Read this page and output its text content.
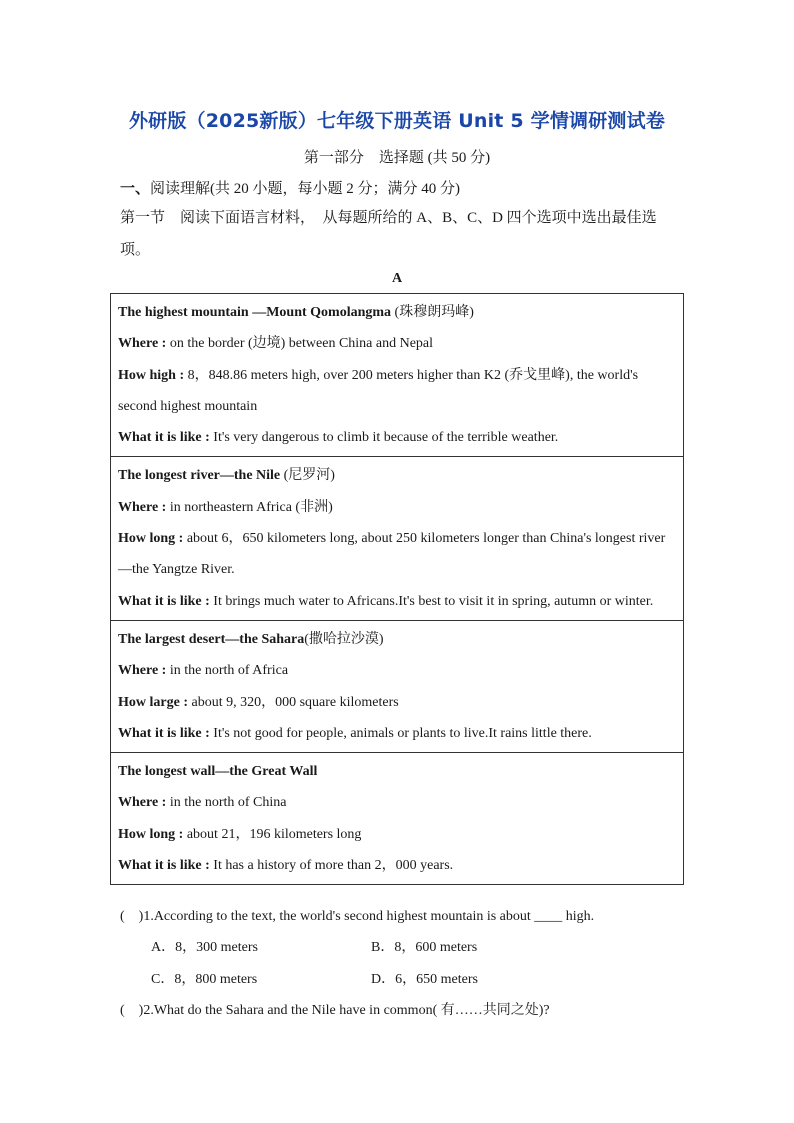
外研版（2025新版）七年级下册英语 Unit 5 学情调研测试卷
第一部分　选择题 (共 50 分)
一、阅读理解(共 20 小题，每小题 2 分；满分 40 分)
第一节　阅读下面语言材料，　从每题所给的 A、B、C、D 四个选项中选出最佳选项。
A
The highest mountain —Mount Qomolangma (珠穆朗玛峰)
Where : on the border (边境) between China and Nepal
How high : 8，848.86 meters high, over 200 meters higher than K2 (乔戈里峰), the world's second highest mountain
What it is like : It's very dangerous to climb it because of the terrible weather.
The longest river—the Nile (尼罗河)
Where : in northeastern Africa (非洲)
How long : about 6，650 kilometers long, about 250 kilometers longer than China's longest river —the Yangtze River.
What it is like : It brings much water to Africans.It's best to visit it in spring, autumn or winter.
The largest desert—the Sahara(撒哈拉沙漠)
Where : in the north of Africa
How large : about 9, 320，000 square kilometers
What it is like : It's not good for people, animals or plants to live.It rains little there.
The longest wall—the Great Wall
Where : in the north of China
How long : about 21，196 kilometers long
What it is like : It has a history of more than 2，000 years.
(　)1.According to the text, the world's second highest mountain is about ____ high.
A．8，300 meters	B．8，600 meters
C．8，800 meters	D．6，650 meters
(　)2.What do the Sahara and the Nile have in common( 有……共同之处)?
